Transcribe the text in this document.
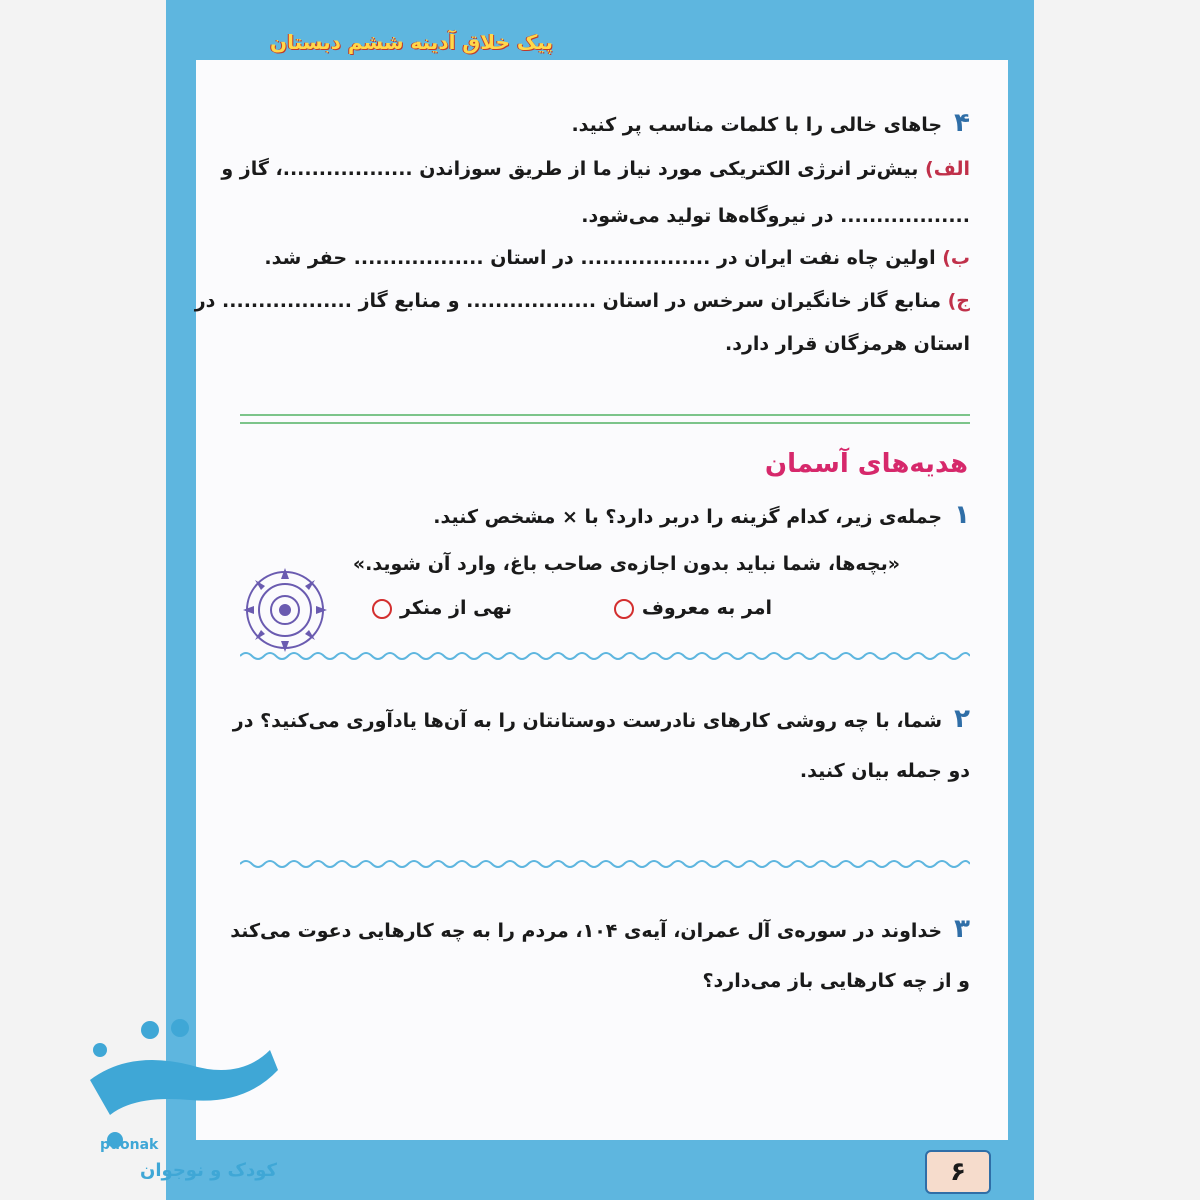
پیک خلاق آدینه ششم دبستان
۴جاهای خالی را با کلمات مناسب پر کنید.
الف) بیش‌تر انرژی الکتریکی مورد نیاز ما از طریق سوزاندن ..................، گاز و
.................. در نیروگاه‌ها تولید می‌شود.
ب) اولین چاه نفت ایران در .................. در استان .................. حفر شد.
ج) منابع گاز خانگیران سرخس در استان .................. و منابع گاز .................. در
استان هرمزگان قرار دارد.
هدیه‌های آسمان
۱جمله‌ی زیر، کدام گزینه را دربر دارد؟ با × مشخص کنید.
«بچه‌ها، شما نباید بدون اجازه‌ی صاحب باغ، وارد آن شوید.»
امر به معروف
نهی از منکر
۲شما، با چه روشی کارهای نادرست دوستانتان را به آن‌ها یادآوری می‌کنید؟ در دو جمله بیان کنید.
۳خداوند در سوره‌ی آل عمران، آیه‌ی ۱۰۴، مردم را به چه کارهایی دعوت می‌کند و از چه کارهایی باز می‌دارد؟
۶
puonak
کودک و نوجوان
